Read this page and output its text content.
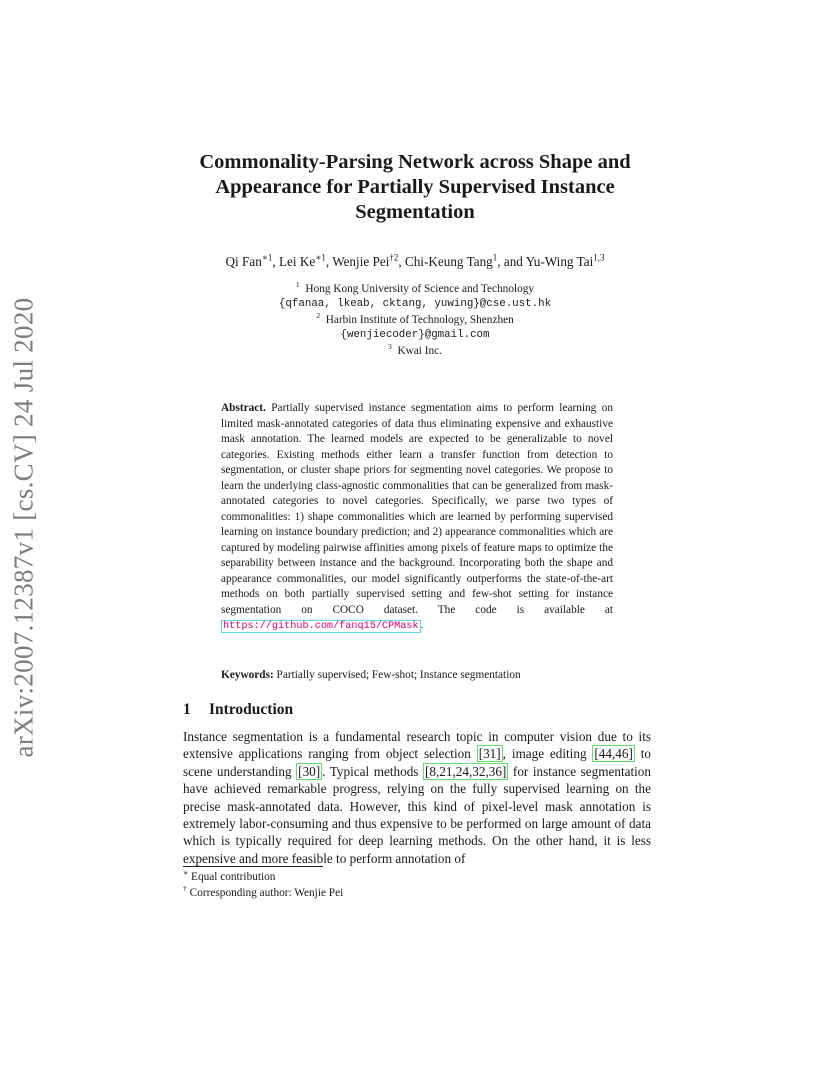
arXiv:2007.12387v1 [cs.CV] 24 Jul 2020
Commonality-Parsing Network across Shape and
Appearance for Partially Supervised Instance
Segmentation
Qi Fan$^{∗1}$, Lei $Ke^{∗1}$, Wenjie Pei$^{\dagger 2}$, Chi-Keung Tang$^1$, and Yu-Wing Tai$^{1,3}$
$^1$ Hong Kong University of Science and Technology
{qfanaa, lkeab, cktang, yuwing}@cse.ust.hk
$^2$ Harbin Institute of Technology, Shenzhen
{wenjiecoder}@gmail.com
$^3$ Kwai Inc.
Abstract. Partially supervised instance segmentation aims to perform learning on limited mask-annotated categories of data thus eliminating expensive and exhaustive mask annotation. The learned models are expected to be generalizable to novel categories. Existing methods either learn a transfer function from detection to segmentation, or cluster shape priors for segmenting novel categories. We propose to learn the underlying class-agnostic commonalities that can be generalized from mask-annotated categories to novel categories. Specifically, we parse two types of commonalities: 1) shape commonalities which are learned by performing supervised learning on instance boundary prediction; and 2) appearance commonalities which are captured by modeling pairwise affinities among pixels of feature maps to optimize the separability between instance and the background. Incorporating both the shape and appearance commonalities, our model significantly outperforms the state-of-the-art methods on both partially supervised setting and few-shot setting for instance segmentation on COCO dataset. The code is available at https://github.com/fanq15/CPMask .
Keywords: Partially supervised; Few-shot; Instance segmentation
1 Introduction
Instance segmentation is a fundamental research topic in computer vision due to its extensive applications ranging from object selection [31] , image editing [44,46] to scene understanding [30] . Typical methods [8,21,24,32,36] for instance segmentation have achieved remarkable progress, relying on the fully supervised learning on the precise mask-annotated data. However, this kind of pixel-level mask annotation is extremely labor-consuming and thus expensive to be performed on large amount of data which is typically required for deep learning methods. On the other hand, it is less expensive and more feasible to perform annotation of
∗ Equal contribution
† Corresponding author: Wenjie Pei
